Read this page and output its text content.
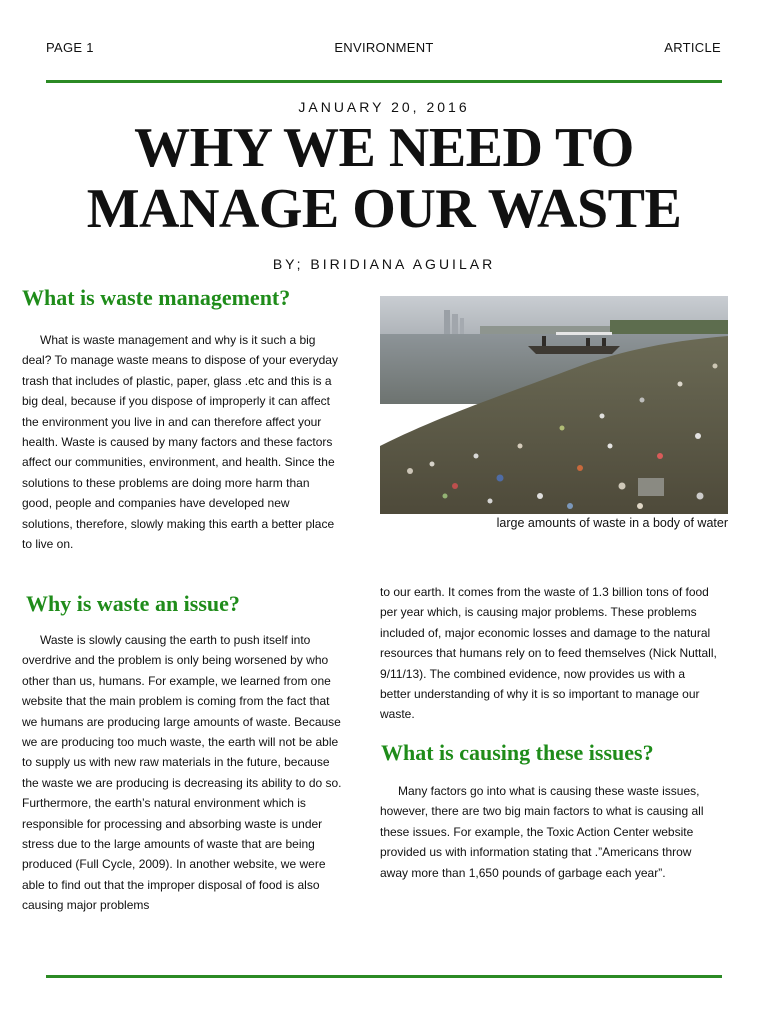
PAGE 1	ENVIRONMENT	ARTICLE
JANUARY 20, 2016
WHY WE NEED TO
MANAGE OUR WASTE
BY; BIRIDIANA AGUILAR
What is waste management?

What is waste management and why is it such a big deal? To manage waste means to dispose of your everyday trash that includes of plastic, paper, glass .etc and this is a big deal, because if you dispose of improperly it can affect the environment you live in and can therefore affect your health. Waste is caused by many factors and these factors affect our communities, environment, and health. Since the solutions to these problems are doing more harm than good, people and companies have developed new solutions, therefore, slowly making this earth a better place to live on.

Why is waste an issue?

Waste is slowly causing the earth to push itself into overdrive and the problem is only being worsened by who other than us, humans. For example, we learned from one website that the main problem is coming from the fact that we humans are producing large amounts of waste. Because we are producing too much waste, the earth will not be able to supply us with new raw materials in the future, because the waste we are producing is decreasing its ability to do so. Furthermore, the earth’s natural environment which is responsible for processing and absorbing waste is under stress due to the large amounts of waste that are being produced (Full Cycle, 2009). In another website, we were able to find out that the improper disposal of food is also causing major problems

large amounts of waste in a body of water

to our earth. It comes from the waste of 1.3 billion tons of food per year which, is causing major problems. These problems included of, major economic losses and damage to the natural resources that humans rely on to feed themselves (Nick Nuttall, 9/11/13). The combined evidence, now provides us with a better understanding of why it is so important to manage our waste.

What is causing these issues?

Many factors go into what is causing these waste issues, however, there are two big main factors to what is causing all these issues. For example, the Toxic Action Center website provided us with information stating that .”Americans throw away more than 1,650 pounds of garbage each year”.
